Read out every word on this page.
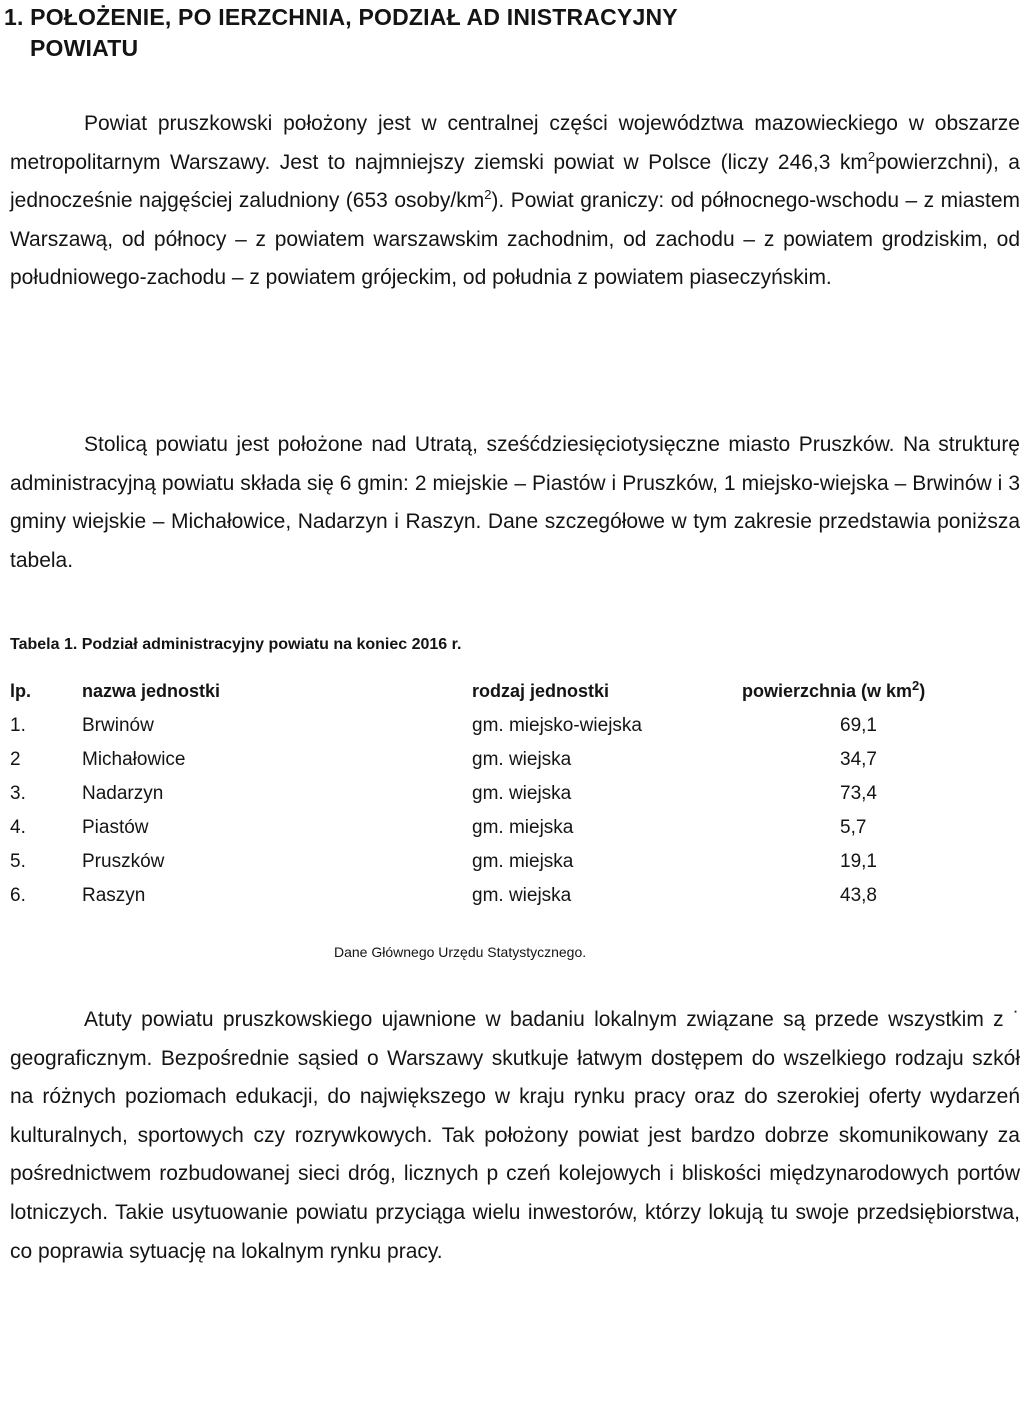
1. POŁOŻENIE, PO IERZCHNIA, PODZIAŁ AD INISTRACYJNY
POWIATU

Powiat pruszkowski położony jest w centralnej części województwa mazowieckiego w obszarze metropolitarnym Warszawy. Jest to najmniejszy ziemski powiat w Polsce (liczy 246,3 $km^2powierzchni$), a jednocześnie najgęściej zaludniony (653 osoby/$km^2$). Powiat graniczy: od północnego-wschodu – z miastem Warszawą, od północy – z powiatem warszawskim zachodnim, od zachodu – z powiatem grodziskim, od południowego-zachodu – z powiatem grójeckim, od południa z powiatem piaseczyńskim.

Stolicą powiatu jest położone nad Utratą, sześćdziesięciotysięczne miasto Pruszków. Na strukturę administracyjną powiatu składa się 6 gmin: 2 miejskie – Piastów i Pruszków, 1 miejsko-wiejska – Brwinów i 3 gminy wiejskie – Michałowice, Nadarzyn i Raszyn. Dane szczegółowe w tym zakresie przedstawia poniższa tabela.

Tabela 1. Podział administracyjny powiatu na koniec 2016 r.

lp.	nazwa jednostki	rodzaj jednostki	powierzchnia (w $km^2$)
1.	Brwinów	gm. miejsko-wiejska	69,1
2	Michałowice	gm. wiejska	34,7
3.	Nadarzyn	gm. wiejska	73,4
4.	Piastów	gm. miejska	5,7
5.	Pruszków	gm. miejska	19,1
6.	Raszyn	gm. wiejska	43,8

Dane Głównego Urzędu Statystycznego.

Atuty powiatu pruszkowskiego ujawnione w badaniu lokalnym związane są przede wszystkim z ˙ geograficznym. Bezpośrednie sąsied o Warszawy skutkuje łatwym dostępem do wszelkiego rodzaju szkół na różnych poziomach edukacji, do największego w kraju rynku pracy oraz do szerokiej oferty wydarzeń kulturalnych, sportowych czy rozrywkowych. Tak położony powiat jest bardzo dobrze skomunikowany za pośrednictwem rozbudowanej sieci dróg, licznych p czeń kolejowych i bliskości międzynarodowych portów lotniczych. Takie usytuowanie powiatu przyciąga wielu inwestorów, którzy lokują tu swoje przedsiębiorstwa, co poprawia sytuację na lokalnym rynku pracy.
